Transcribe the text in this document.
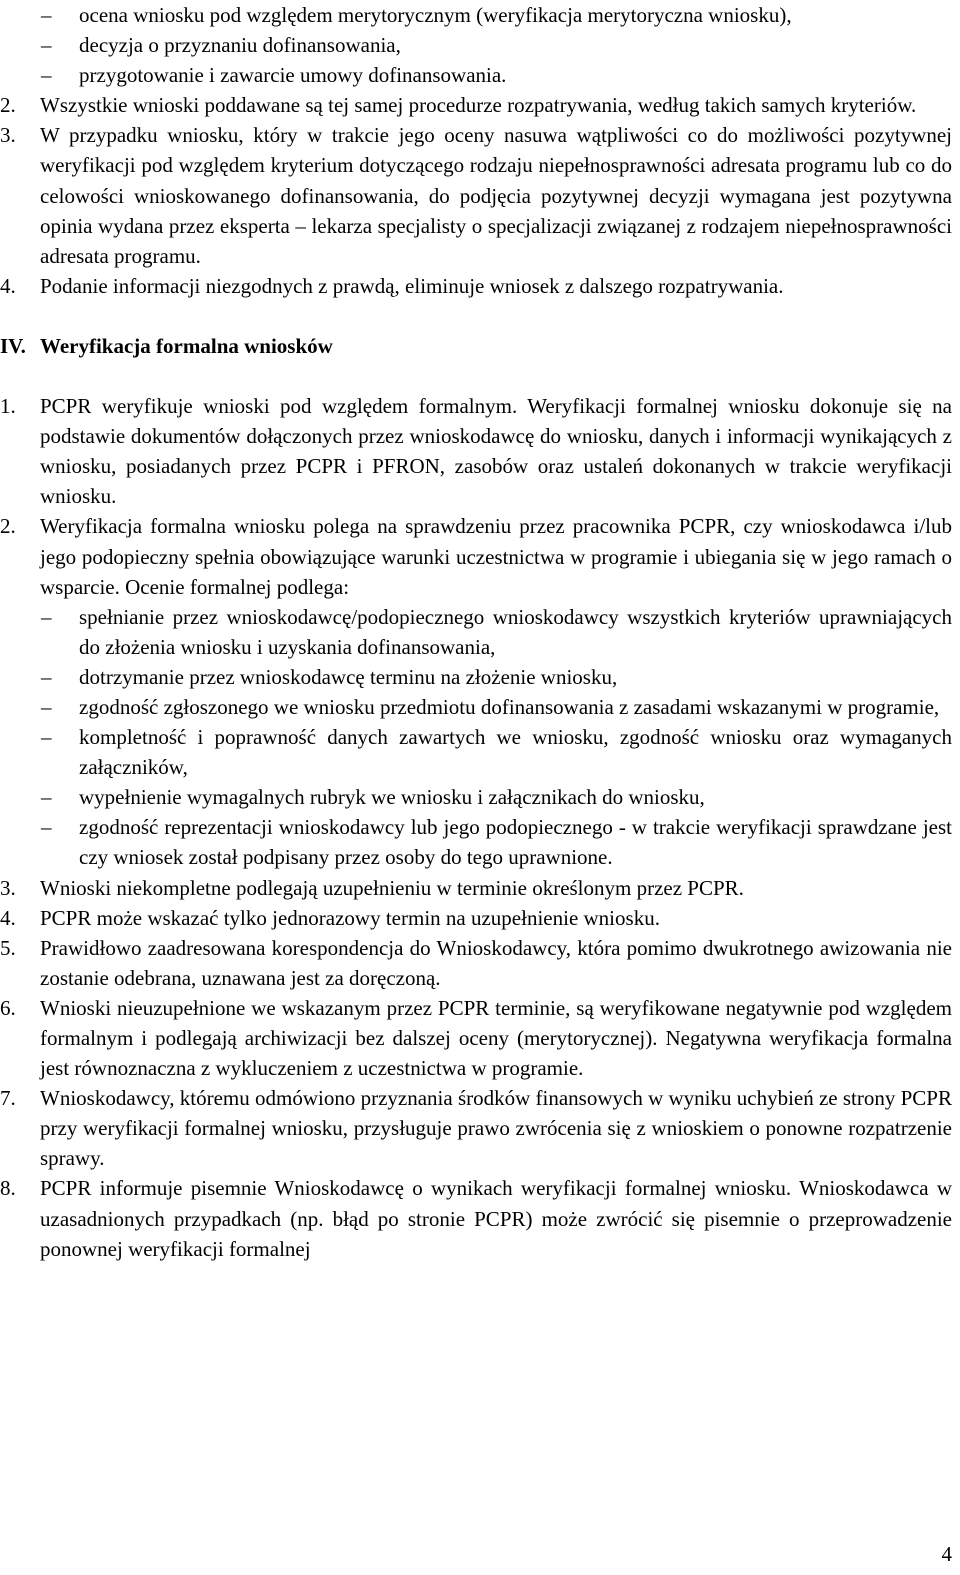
– ocena wniosku pod względem merytorycznym (weryfikacja merytoryczna wniosku),
– decyzja o przyznaniu dofinansowania,
– przygotowanie i zawarcie umowy dofinansowania.
2. Wszystkie wnioski poddawane są tej samej procedurze rozpatrywania, według takich samych kryteriów.
3. W przypadku wniosku, który w trakcie jego oceny nasuwa wątpliwości co do możliwości pozytywnej weryfikacji pod względem kryterium dotyczącego rodzaju niepełnosprawności adresata programu lub co do celowości wnioskowanego dofinansowania, do podjęcia pozytywnej decyzji wymagana jest pozytywna opinia wydana przez eksperta – lekarza specjalisty o specjalizacji związanej z rodzajem niepełnosprawności adresata programu.
4. Podanie informacji niezgodnych z prawdą, eliminuje wniosek z dalszego rozpatrywania.
IV. Weryfikacja formalna wniosków
1. PCPR weryfikuje wnioski pod względem formalnym. Weryfikacji formalnej wniosku dokonuje się na podstawie dokumentów dołączonych przez wnioskodawcę do wniosku, danych i informacji wynikających z wniosku, posiadanych przez PCPR i PFRON, zasobów oraz ustaleń dokonanych w trakcie weryfikacji wniosku.
2. Weryfikacja formalna wniosku polega na sprawdzeniu przez pracownika PCPR, czy wnioskodawca i/lub jego podopieczny spełnia obowiązujące warunki uczestnictwa w programie i ubiegania się w jego ramach o wsparcie. Ocenie formalnej podlega:
– spełnianie przez wnioskodawcę/podopiecznego wnioskodawcy wszystkich kryteriów uprawniających do złożenia wniosku i uzyskania dofinansowania,
– dotrzymanie przez wnioskodawcę terminu na złożenie wniosku,
– zgodność zgłoszonego we wniosku przedmiotu dofinansowania z zasadami wskazanymi w programie,
– kompletność i poprawność danych zawartych we wniosku, zgodność wniosku oraz wymaganych załączników,
– wypełnienie wymagalnych rubryk we wniosku i załącznikach do wniosku,
– zgodność reprezentacji wnioskodawcy lub jego podopiecznego - w trakcie weryfikacji sprawdzane jest czy wniosek został podpisany przez osoby do tego uprawnione.
3. Wnioski niekompletne podlegają uzupełnieniu w terminie określonym przez PCPR.
4. PCPR może wskazać tylko jednorazowy termin na uzupełnienie wniosku.
5. Prawidłowo zaadresowana korespondencja do Wnioskodawcy, która pomimo dwukrotnego awizowania nie zostanie odebrana, uznawana jest za doręczoną.
6. Wnioski nieuzupełnione we wskazanym przez PCPR terminie, są weryfikowane negatywnie pod względem formalnym i podlegają archiwizacji bez dalszej oceny (merytorycznej). Negatywna weryfikacja formalna jest równoznaczna z wykluczeniem z uczestnictwa w programie.
7. Wnioskodawcy, któremu odmówiono przyznania środków finansowych w wyniku uchybień ze strony PCPR przy weryfikacji formalnej wniosku, przysługuje prawo zwrócenia się z wnioskiem o ponowne rozpatrzenie sprawy.
8. PCPR informuje pisemnie Wnioskodawcę o wynikach weryfikacji formalnej wniosku. Wnioskodawca w uzasadnionych przypadkach (np. błąd po stronie PCPR) może zwrócić się pisemnie o przeprowadzenie ponownej weryfikacji formalnej
4
